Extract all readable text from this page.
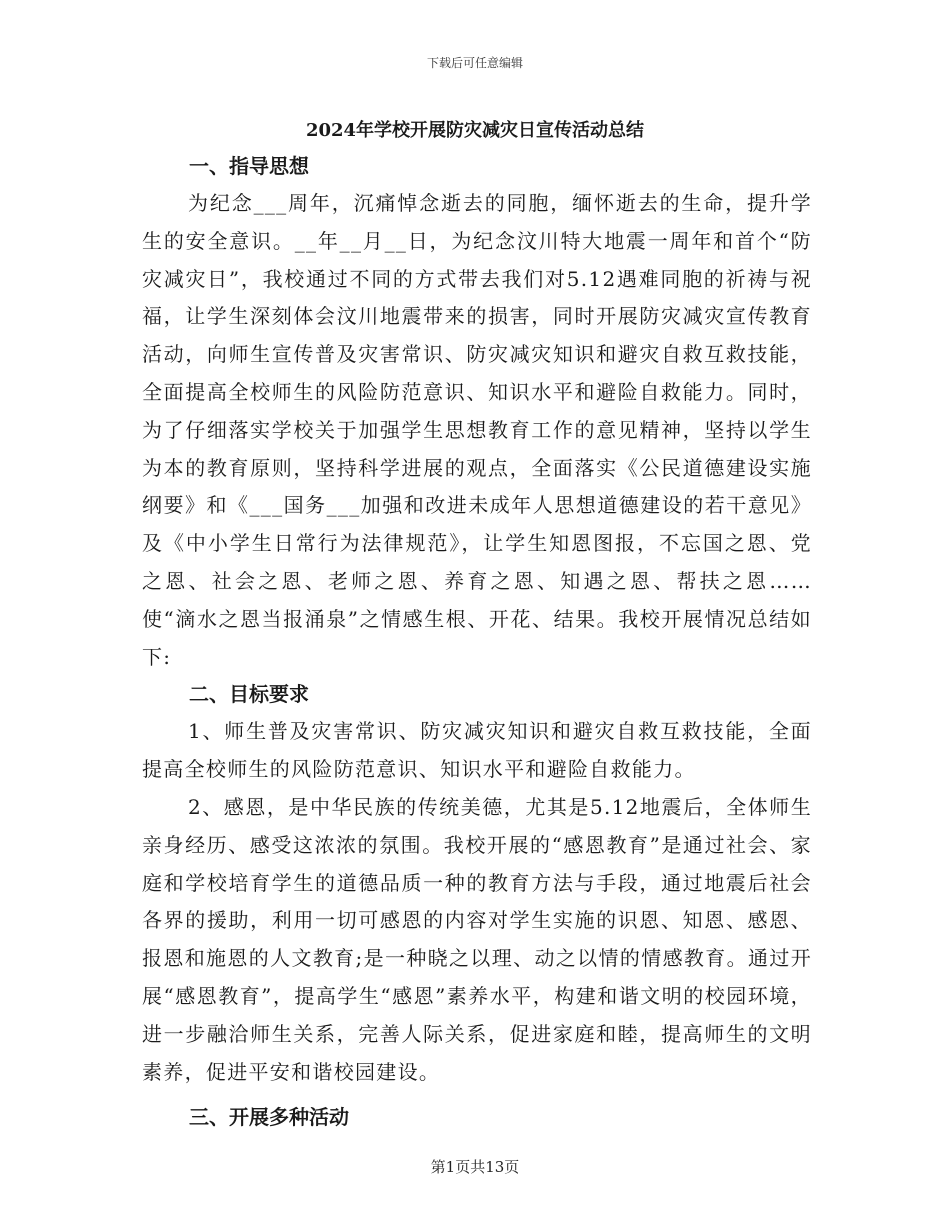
下载后可任意编辑
2024年学校开展防灾减灾日宣传活动总结
一、指导思想

为纪念___周年，沉痛悼念逝去的同胞，缅怀逝去的生命，提升学生的安全意识。__年__月__日，为纪念汶川特大地震一周年和首个“防灾减灾日”，我校通过不同的方式带去我们对5.12遇难同胞的祈祷与祝福，让学生深刻体会汶川地震带来的损害，同时开展防灾减灾宣传教育活动，向师生宣传普及灾害常识、防灾减灾知识和避灾自救互救技能，全面提高全校师生的风险防范意识、知识水平和避险自救能力。同时，为了仔细落实学校关于加强学生思想教育工作的意见精神，坚持以学生为本的教育原则，坚持科学进展的观点，全面落实《公民道德建设实施纲要》和《___国务___加强和改进未成年人思想道德建设的若干意见》及《中小学生日常行为法律规范》，让学生知恩图报，不忘国之恩、党之恩、社会之恩、老师之恩、养育之恩、知遇之恩、帮扶之恩……使“滴水之恩当报涌泉”之情感生根、开花、结果。我校开展情况总结如下:

二、目标要求

1、师生普及灾害常识、防灾减灾知识和避灾自救互救技能，全面提高全校师生的风险防范意识、知识水平和避险自救能力。

2、感恩，是中华民族的传统美德，尤其是5.12地震后，全体师生亲身经历、感受这浓浓的氛围。我校开展的“感恩教育”是通过社会、家庭和学校培育学生的道德品质一种的教育方法与手段，通过地震后社会各界的援助，利用一切可感恩的内容对学生实施的识恩、知恩、感恩、报恩和施恩的人文教育;是一种晓之以理、动之以情的情感教育。通过开展“感恩教育”，提高学生“感恩”素养水平，构建和谐文明的校园环境，进一步融洽师生关系，完善人际关系，促进家庭和睦，提高师生的文明素养，促进平安和谐校园建设。

三、开展多种活动
第1页共13页
